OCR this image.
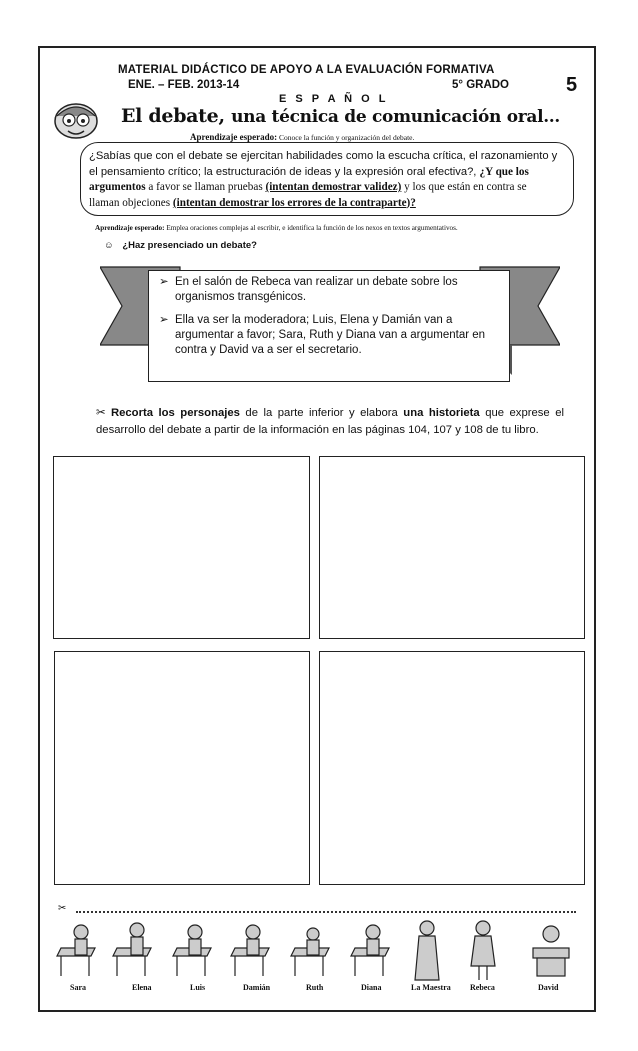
MATERIAL DIDÁCTICO DE APOYO A LA EVALUACIÓN FORMATIVA
ENE. – FEB. 2013-14	5° GRADO	5
E S P A Ñ O L
El debate, una técnica de comunicación oral…
Aprendizaje esperado: Conoce la función y organización del debate.
¿Sabías que con el debate se ejercitan habilidades como la escucha crítica, el razonamiento y
el pensamiento crítico; la estructuración de ideas y la expresión oral efectiva?, ¿Y que los
argumentos a favor se llaman pruebas (intentan demostrar validez) y los que están en contra se
llaman objeciones (intentan demostrar los errores de la contraparte)?
Aprendizaje esperado: Emplea oraciones complejas al escribir, e identifica la función de los nexos en textos argumentativos.
☺ ¿Haz presenciado un debate?
➢ En el salón de Rebeca van realizar un debate sobre los organismos transgénicos.
➢ Ella va ser la moderadora; Luis, Elena y Damián van a argumentar a favor; Sara, Ruth y Diana van a argumentar en contra y David va a ser el secretario.
✂ Recorta los personajes de la parte inferior y elabora una historieta que exprese el desarrollo del debate a partir de la información en las páginas 104, 107 y 108 de tu libro.
✂
Sara	Elena	Luis	Damián	Ruth	Diana	La Maestra Rebeca	David
